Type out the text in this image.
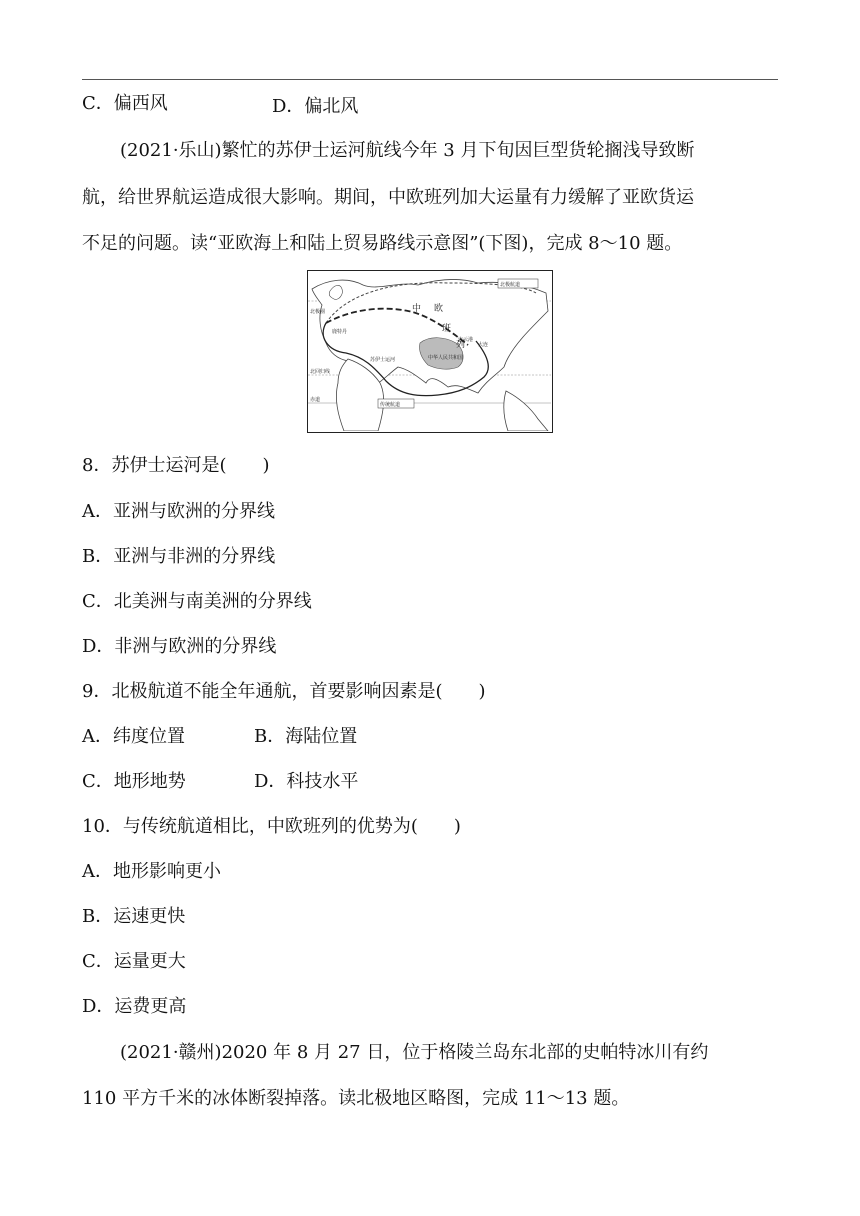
C．偏西风	D．偏北风
(2021·乐山)繁忙的苏伊士运河航线今年 3 月下旬因巨型货轮搁浅导致断
航，给世界航运造成很大影响。期间，中欧班列加大运量有力缓解了亚欧货运
不足的问题。读“亚欧海上和陆上贸易路线示意图”(下图)，完成 8～10 题。
北极航道
鹿特丹
苏伊士运河
大连
连云港
中华人民共和国
北极圈
北回归线
赤道
传统航道
中 欧
班
列
8．苏伊士运河是(　　)
A．亚洲与欧洲的分界线
B．亚洲与非洲的分界线
C．北美洲与南美洲的分界线
D．非洲与欧洲的分界线
9．北极航道不能全年通航，首要影响因素是(　　)
A．纬度位置	B．海陆位置
C．地形地势	D．科技水平
10．与传统航道相比，中欧班列的优势为(　　)
A．地形影响更小
B．运速更快
C．运量更大
D．运费更高
(2021·赣州)2020 年 8 月 27 日，位于格陵兰岛东北部的史帕特冰川有约
110 平方千米的冰体断裂掉落。读北极地区略图，完成 11～13 题。
